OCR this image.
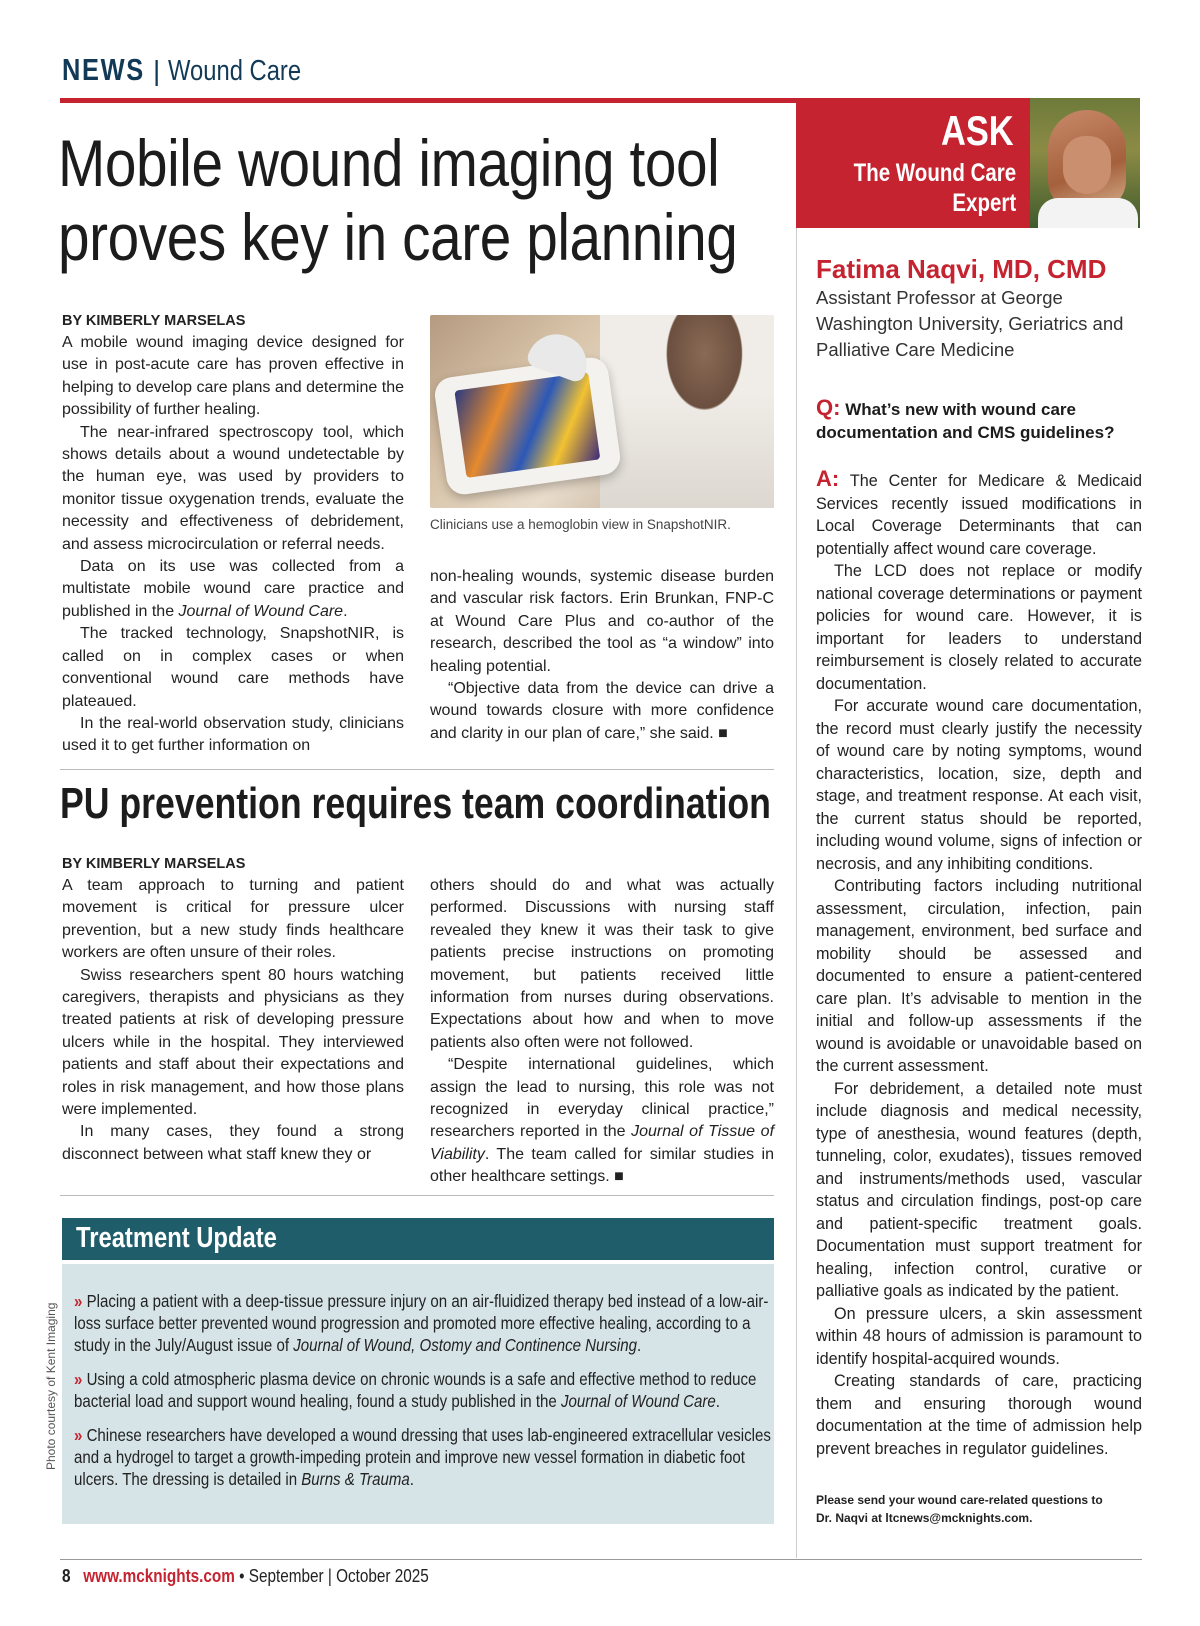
NEWS | Wound Care
Mobile wound imaging tool
proves key in care planning
BY KIMBERLY MARSELAS

A mobile wound imaging device designed for use in post-acute care has proven effective in helping to develop care plans and determine the possibility of further healing.

The near-infrared spectroscopy tool, which shows details about a wound undetectable by the human eye, was used by providers to monitor tissue oxygenation trends, evaluate the necessity and effectiveness of debridement, and assess microcirculation or referral needs.

Data on its use was collected from a multistate mobile wound care practice and published in the Journal of Wound Care.

The tracked technology, SnapshotNIR, is called on in complex cases or when conventional wound care methods have plateaued.

In the real-world observation study, clinicians used it to get further information on

Clinicians use a hemoglobin view in SnapshotNIR.

non-healing wounds, systemic disease burden and vascular risk factors. Erin Brunkan, FNP-C at Wound Care Plus and co-author of the research, described the tool as “a window” into healing potential.

“Objective data from the device can drive a wound towards closure with more confidence and clarity in our plan of care,” she said. ■

PU prevention requires team coordination
BY KIMBERLY MARSELAS

A team approach to turning and patient movement is critical for pressure ulcer prevention, but a new study finds healthcare workers are often unsure of their roles.

Swiss researchers spent 80 hours watching caregivers, therapists and physicians as they treated patients at risk of developing pressure ulcers while in the hospital. They interviewed patients and staff about their expectations and roles in risk management, and how those plans were implemented.

In many cases, they found a strong disconnect between what staff knew they or

others should do and what was actually performed. Discussions with nursing staff revealed they knew it was their task to give patients precise instructions on promoting movement, but patients received little information from nurses during observations. Expectations about how and when to move patients also often were not followed.

“Despite international guidelines, which assign the lead to nursing, this role was not recognized in everyday clinical practice,” researchers reported in the Journal of Tissue of Viability. The team called for similar studies in other healthcare settings. ■

Treatment Update
» Placing a patient with a deep-tissue pressure injury on an air-fluidized therapy bed instead of a low-air-loss surface better prevented wound progression and promoted more effective healing, according to a study in the July/August issue of Journal of Wound, Ostomy and Continence Nursing.
» Using a cold atmospheric plasma device on chronic wounds is a safe and effective method to reduce bacterial load and support wound healing, found a study published in the Journal of Wound Care.
» Chinese researchers have developed a wound dressing that uses lab-engineered extracellular vesicles and a hydrogel to target a growth-impeding protein and improve new vessel formation in diabetic foot ulcers. The dressing is detailed in Burns & Trauma.
Photo courtesy of Kent Imaging
ASK
The Wound Care
Expert
Fatima Naqvi, MD, CMD
Assistant Professor at George Washington University, Geriatrics and Palliative Care Medicine
Q: What’s new with wound care documentation and CMS guidelines?

A: The Center for Medicare & Medicaid Services recently issued modifications in Local Coverage Determinants that can potentially affect wound care coverage.

The LCD does not replace or modify national coverage determinations or payment policies for wound care. However, it is important for leaders to understand reimbursement is closely related to accurate documentation.

For accurate wound care documentation, the record must clearly justify the necessity of wound care by noting symptoms, wound characteristics, location, size, depth and stage, and treatment response. At each visit, the current status should be reported, including wound volume, signs of infection or necrosis, and any inhibiting conditions.

Contributing factors including nutritional assessment, circulation, infection, pain management, environment, bed surface and mobility should be assessed and documented to ensure a patient-centered care plan. It’s advisable to mention in the initial and follow-up assessments if the wound is avoidable or unavoidable based on the current assessment.

For debridement, a detailed note must include diagnosis and medical necessity, type of anesthesia, wound features (depth, tunneling, color, exudates), tissues removed and instruments/methods used, vascular status and circulation findings, post-op care and patient-specific treatment goals. Documentation must support treatment for healing, infection control, curative or palliative goals as indicated by the patient.

On pressure ulcers, a skin assessment within 48 hours of admission is paramount to identify hospital-acquired wounds.

Creating standards of care, practicing them and ensuring thorough wound documentation at the time of admission help prevent breaches in regulator guidelines.

Please send your wound care-related questions to
Dr. Naqvi at ltcnews@mcknights.com.
8 www.mcknights.com • September | October 2025
